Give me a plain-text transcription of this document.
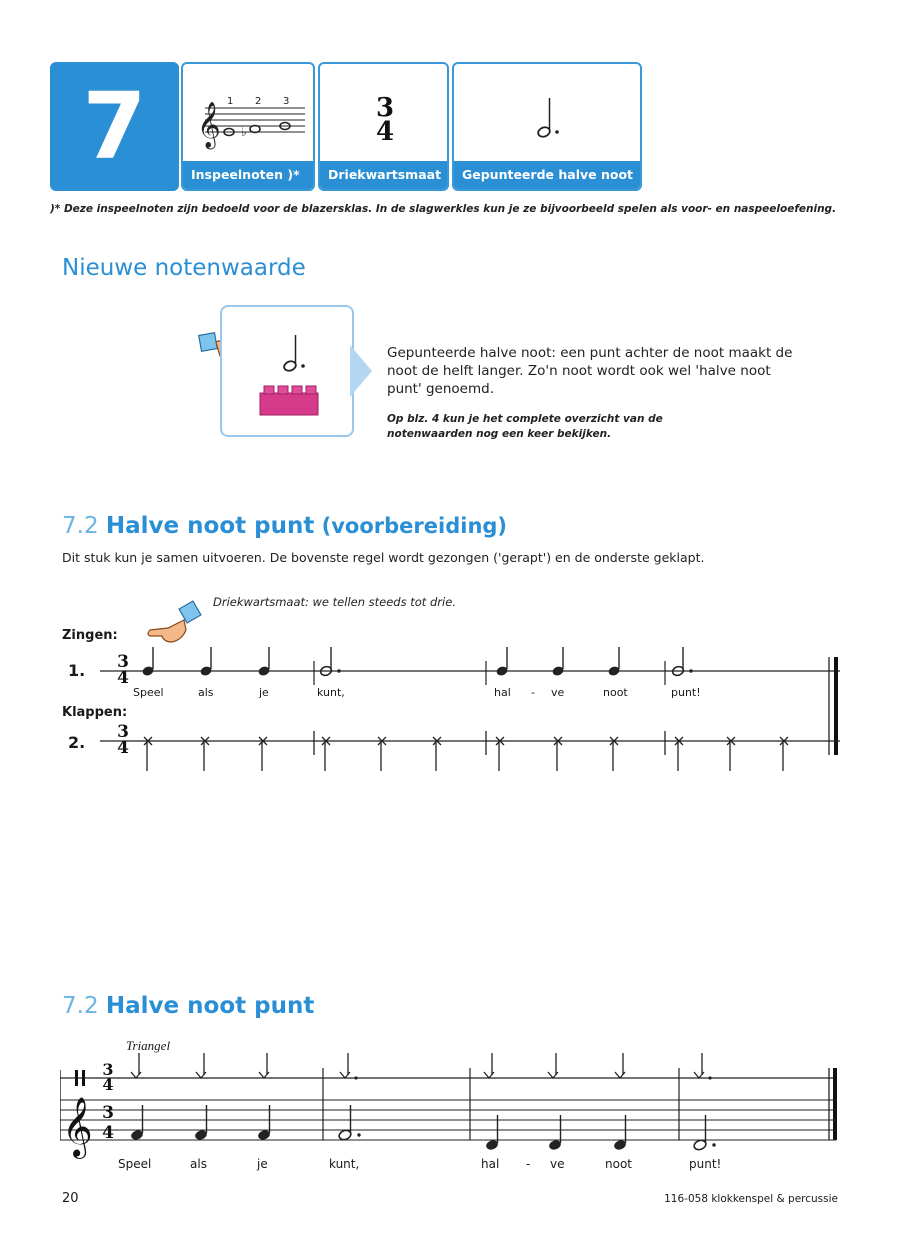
7	𝄞
1 2 3
♭
Inspeelnoten )*
3
4
Driekwartsmaat	Gepunteerde halve noot
)* Deze inspeelnoten zijn bedoeld voor de blazersklas. In de slagwerkles kun je ze bijvoorbeeld spelen als voor- en naspeeloefening.
Nieuwe notenwaarde
Gepunteerde halve noot: een punt achter de noot maakt de noot de helft langer. Zo'n noot wordt ook wel 'halve noot punt' genoemd.
Op blz. 4 kun je het complete overzicht van de notenwaarden nog een keer bekijken.
7.2 Halve noot punt (voorbereiding)
Dit stuk kun je samen uitvoeren. De bovenste regel wordt gezongen ('gerapt') en de onderste geklapt.
Driekwartsmaat: we tellen steeds tot drie.
Zingen:
1.
Klappen:
2.
3
4
3
4
Speel	als	je	kunt,	hal - ve	noot	punt!
7.2 Halve noot punt
Triangel
3
4
𝄞 3
4
Speel	als	je	kunt,	hal - ve	noot	punt!
20	116-058 klokkenspel & percussie
